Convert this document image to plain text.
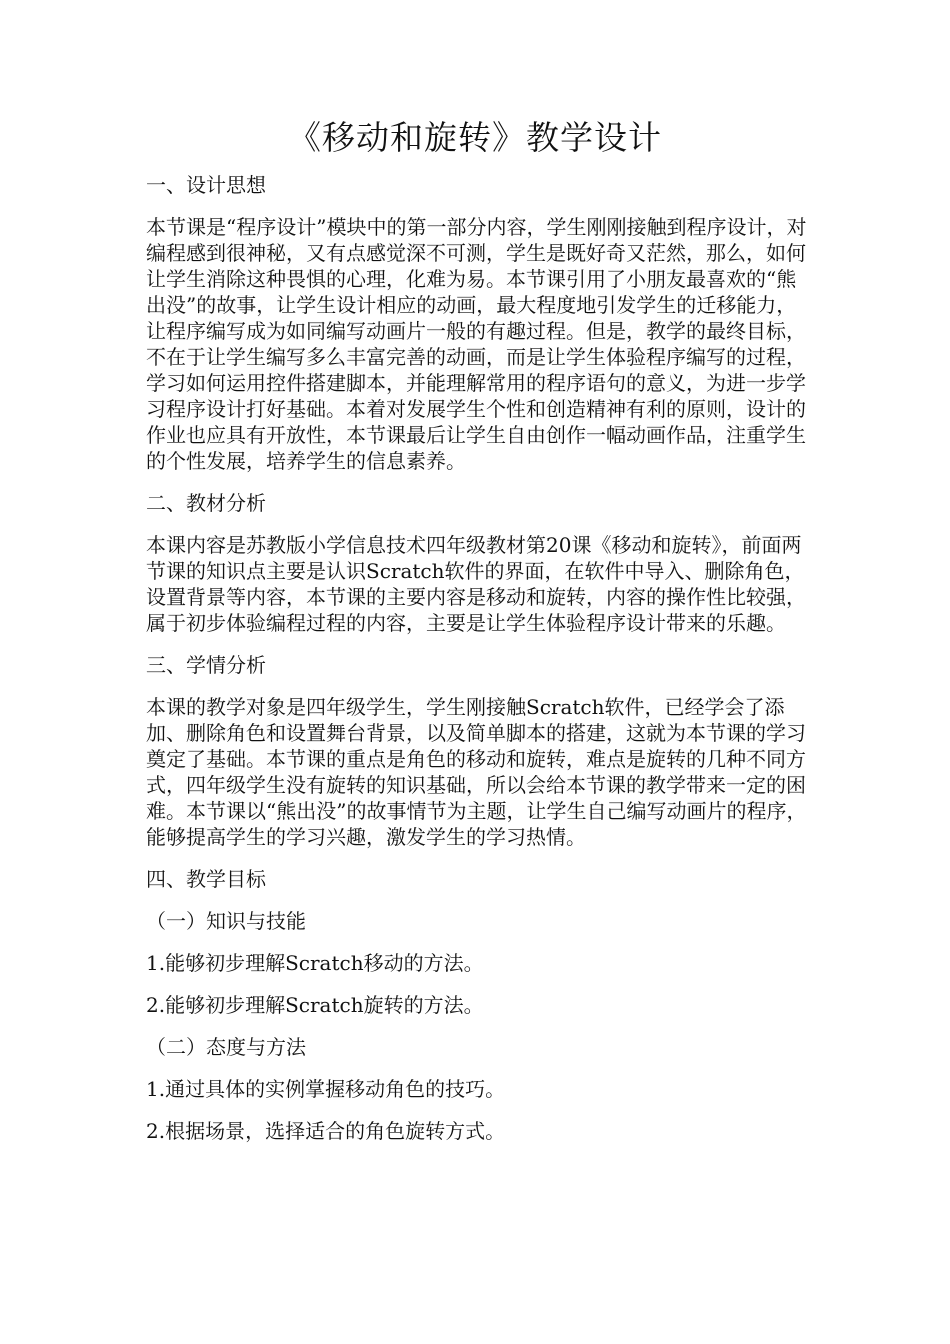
《移动和旋转》教学设计
一、设计思想
本节课是“程序设计”模块中的第一部分内容，学生刚刚接触到程序设计，对编程感到很神秘，又有点感觉深不可测，学生是既好奇又茫然，那么，如何让学生消除这种畏惧的心理，化难为易。本节课引用了小朋友最喜欢的“熊出没”的故事，让学生设计相应的动画，最大程度地引发学生的迁移能力，让程序编写成为如同编写动画片一般的有趣过程。但是，教学的最终目标，不在于让学生编写多么丰富完善的动画，而是让学生体验程序编写的过程，学习如何运用控件搭建脚本，并能理解常用的程序语句的意义，为进一步学习程序设计打好基础。本着对发展学生个性和创造精神有利的原则，设计的作业也应具有开放性，本节课最后让学生自由创作一幅动画作品，注重学生的个性发展，培养学生的信息素养。
二、教材分析
本课内容是苏教版小学信息技术四年级教材第20课《移动和旋转》，前面两节课的知识点主要是认识Scratch软件的界面，在软件中导入、删除角色，设置背景等内容，本节课的主要内容是移动和旋转，内容的操作性比较强，属于初步体验编程过程的内容，主要是让学生体验程序设计带来的乐趣。
三、学情分析
本课的教学对象是四年级学生，学生刚接触Scratch软件，已经学会了添加、删除角色和设置舞台背景，以及简单脚本的搭建，这就为本节课的学习奠定了基础。本节课的重点是角色的移动和旋转，难点是旋转的几种不同方式，四年级学生没有旋转的知识基础，所以会给本节课的教学带来一定的困难。本节课以“熊出没”的故事情节为主题，让学生自己编写动画片的程序，能够提高学生的学习兴趣，激发学生的学习热情。
四、教学目标
（一）知识与技能
1.能够初步理解Scratch移动的方法。
2.能够初步理解Scratch旋转的方法。
（二）态度与方法
1.通过具体的实例掌握移动角色的技巧。
2.根据场景，选择适合的角色旋转方式。
